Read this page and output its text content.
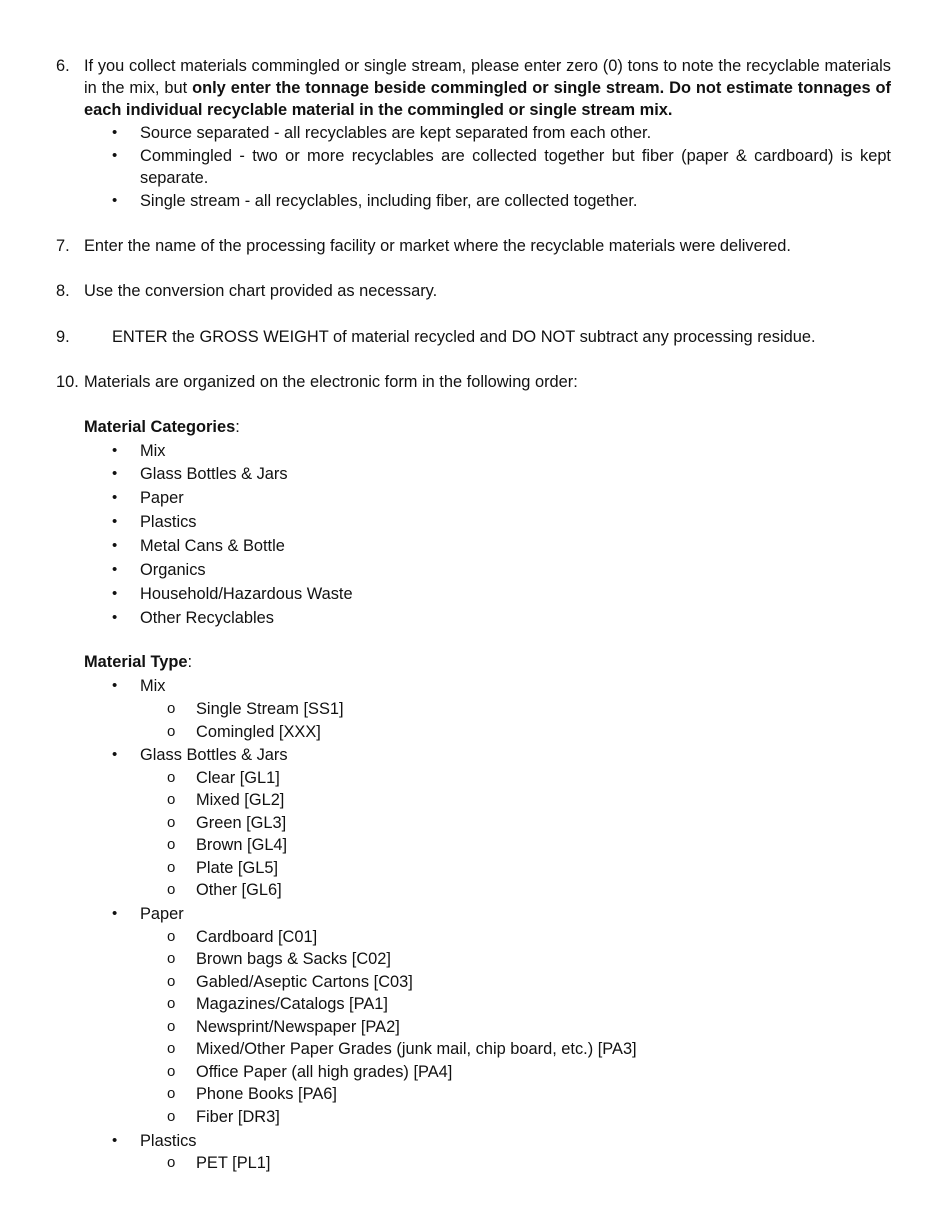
6. If you collect materials commingled or single stream, please enter zero (0) tons to note the recyclable materials in the mix, but only enter the tonnage beside commingled or single stream. Do not estimate tonnages of each individual recyclable material in the commingled or single stream mix.
• Source separated - all recyclables are kept separated from each other.
• Commingled - two or more recyclables are collected together but fiber (paper & cardboard) is kept separate.
• Single stream - all recyclables, including fiber, are collected together.
7. Enter the name of the processing facility or market where the recyclable materials were delivered.
8. Use the conversion chart provided as necessary.
9.	ENTER the GROSS WEIGHT of material recycled and DO NOT subtract any processing residue.
10. Materials are organized on the electronic form in the following order:
Material Categories:
• Mix
• Glass Bottles & Jars
• Paper
• Plastics
• Metal Cans & Bottle
• Organics
• Household/Hazardous Waste
• Other Recyclables
Material Type:
• Mix
o Single Stream [SS1]
o Comingled [XXX]
• Glass Bottles & Jars
o Clear [GL1]
o Mixed [GL2]
o Green [GL3]
o Brown [GL4]
o Plate [GL5]
o Other [GL6]
• Paper
o Cardboard [C01]
o Brown bags & Sacks [C02]
o Gabled/Aseptic Cartons [C03]
o Magazines/Catalogs [PA1]
o Newsprint/Newspaper [PA2]
o Mixed/Other Paper Grades (junk mail, chip board, etc.) [PA3]
o Office Paper (all high grades) [PA4]
o Phone Books [PA6]
o Fiber [DR3]
• Plastics
o PET [PL1]
